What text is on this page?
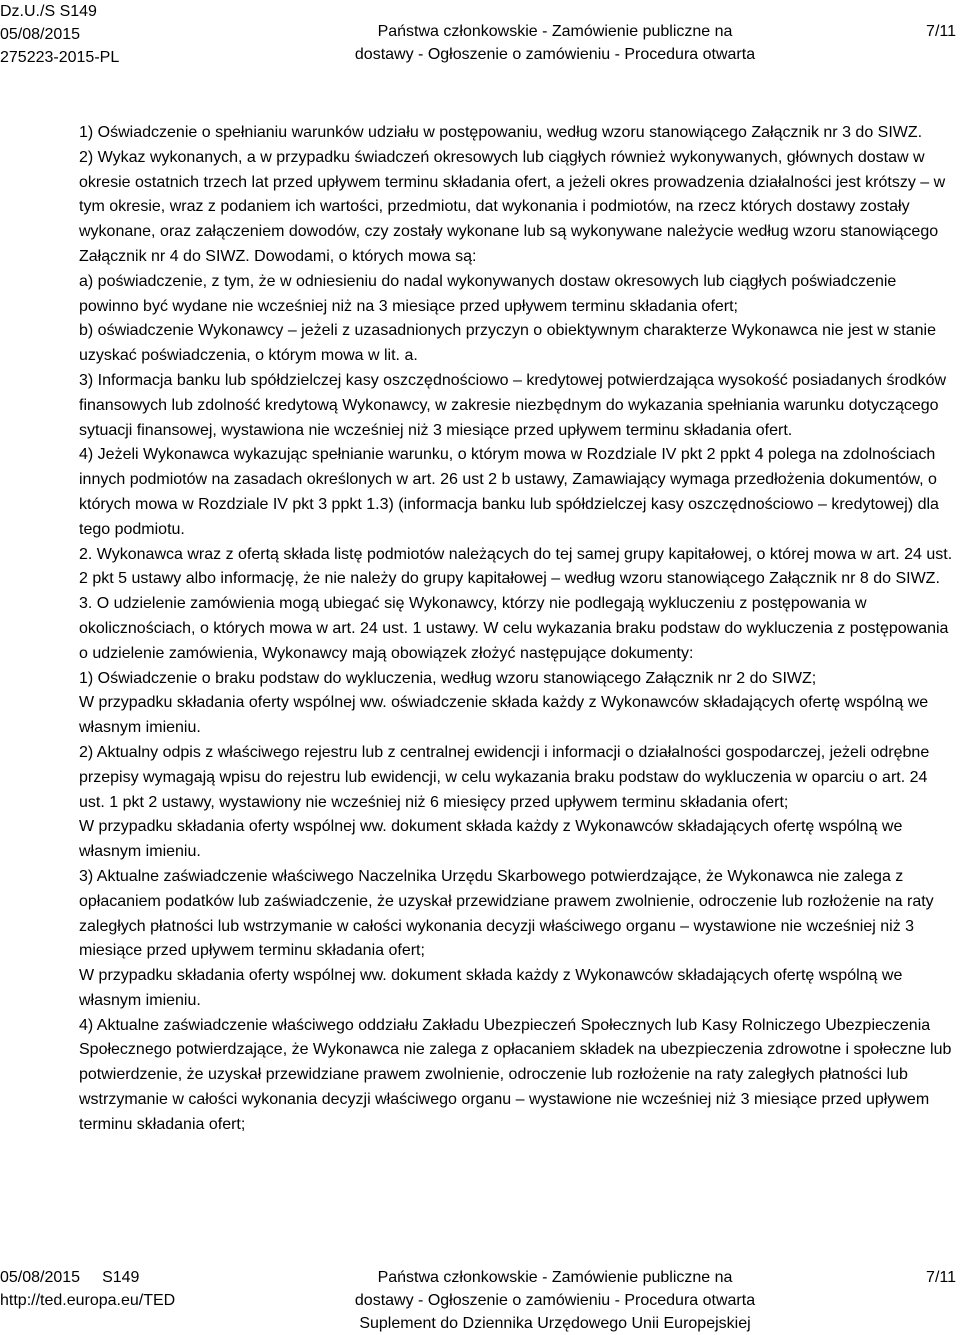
Dz.U./S S149
05/08/2015
275223-2015-PL
Państwa członkowskie - Zamówienie publiczne na
dostawy - Ogłoszenie o zamówieniu - Procedura otwarta
7/11

1) Oświadczenie o spełnianiu warunków udziału w postępowaniu, według wzoru stanowiącego Załącznik nr 3 do SIWZ.

2) Wykaz wykonanych, a w przypadku świadczeń okresowych lub ciągłych również wykonywanych, głównych dostaw w okresie ostatnich trzech lat przed upływem terminu składania ofert, a jeżeli okres prowadzenia działalności jest krótszy – w tym okresie, wraz z podaniem ich wartości, przedmiotu, dat wykonania i podmiotów, na rzecz których dostawy zostały wykonane, oraz załączeniem dowodów, czy zostały wykonane lub są wykonywane należycie według wzoru stanowiącego Załącznik nr 4 do SIWZ. Dowodami, o których mowa są:

a) poświadczenie, z tym, że w odniesieniu do nadal wykonywanych dostaw okresowych lub ciągłych poświadczenie powinno być wydane nie wcześniej niż na 3 miesiące przed upływem terminu składania ofert;

b) oświadczenie Wykonawcy – jeżeli z uzasadnionych przyczyn o obiektywnym charakterze Wykonawca nie jest w stanie uzyskać poświadczenia, o którym mowa w lit. a.

3) Informacja banku lub spółdzielczej kasy oszczędnościowo – kredytowej potwierdzająca wysokość posiadanych środków finansowych lub zdolność kredytową Wykonawcy, w zakresie niezbędnym do wykazania spełniania warunku dotyczącego sytuacji finansowej, wystawiona nie wcześniej niż 3 miesiące przed upływem terminu składania ofert.

4) Jeżeli Wykonawca wykazując spełnianie warunku, o którym mowa w Rozdziale IV pkt 2 ppkt 4 polega na zdolnościach innych podmiotów na zasadach określonych w art. 26 ust 2 b ustawy, Zamawiający wymaga przedłożenia dokumentów, o których mowa w Rozdziale IV pkt 3 ppkt 1.3) (informacja banku lub spółdzielczej kasy oszczędnościowo – kredytowej) dla tego podmiotu.

2. Wykonawca wraz z ofertą składa listę podmiotów należących do tej samej grupy kapitałowej, o której mowa w art. 24 ust. 2 pkt 5 ustawy albo informację, że nie należy do grupy kapitałowej – według wzoru stanowiącego Załącznik nr 8 do SIWZ.

3. O udzielenie zamówienia mogą ubiegać się Wykonawcy, którzy nie podlegają wykluczeniu z postępowania w okolicznościach, o których mowa w art. 24 ust. 1 ustawy. W celu wykazania braku podstaw do wykluczenia z postępowania o udzielenie zamówienia, Wykonawcy mają obowiązek złożyć następujące dokumenty:

1) Oświadczenie o braku podstaw do wykluczenia, według wzoru stanowiącego Załącznik nr 2 do SIWZ;

W przypadku składania oferty wspólnej ww. oświadczenie składa każdy z Wykonawców składających ofertę wspólną we własnym imieniu.

2) Aktualny odpis z właściwego rejestru lub z centralnej ewidencji i informacji o działalności gospodarczej, jeżeli odrębne przepisy wymagają wpisu do rejestru lub ewidencji, w celu wykazania braku podstaw do wykluczenia w oparciu o art. 24 ust. 1 pkt 2 ustawy, wystawiony nie wcześniej niż 6 miesięcy przed upływem terminu składania ofert;

W przypadku składania oferty wspólnej ww. dokument składa każdy z Wykonawców składających ofertę wspólną we własnym imieniu.

3) Aktualne zaświadczenie właściwego Naczelnika Urzędu Skarbowego potwierdzające, że Wykonawca nie zalega z opłacaniem podatków lub zaświadczenie, że uzyskał przewidziane prawem zwolnienie, odroczenie lub rozłożenie na raty zaległych płatności lub wstrzymanie w całości wykonania decyzji właściwego organu – wystawione nie wcześniej niż 3 miesiące przed upływem terminu składania ofert;

W przypadku składania oferty wspólnej ww. dokument składa każdy z Wykonawców składających ofertę wspólną we własnym imieniu.

4) Aktualne zaświadczenie właściwego oddziału Zakładu Ubezpieczeń Społecznych lub Kasy Rolniczego Ubezpieczenia Społecznego potwierdzające, że Wykonawca nie zalega z opłacaniem składek na ubezpieczenia zdrowotne i społeczne lub potwierdzenie, że uzyskał przewidziane prawem zwolnienie, odroczenie lub rozłożenie na raty zaległych płatności lub wstrzymanie w całości wykonania decyzji właściwego organu – wystawione nie wcześniej niż 3 miesiące przed upływem terminu składania ofert;

05/08/2015 S149
http://ted.europa.eu/TED
Państwa członkowskie - Zamówienie publiczne na
dostawy - Ogłoszenie o zamówieniu - Procedura otwarta
Suplement do Dziennika Urzędowego Unii Europejskiej
7/11
